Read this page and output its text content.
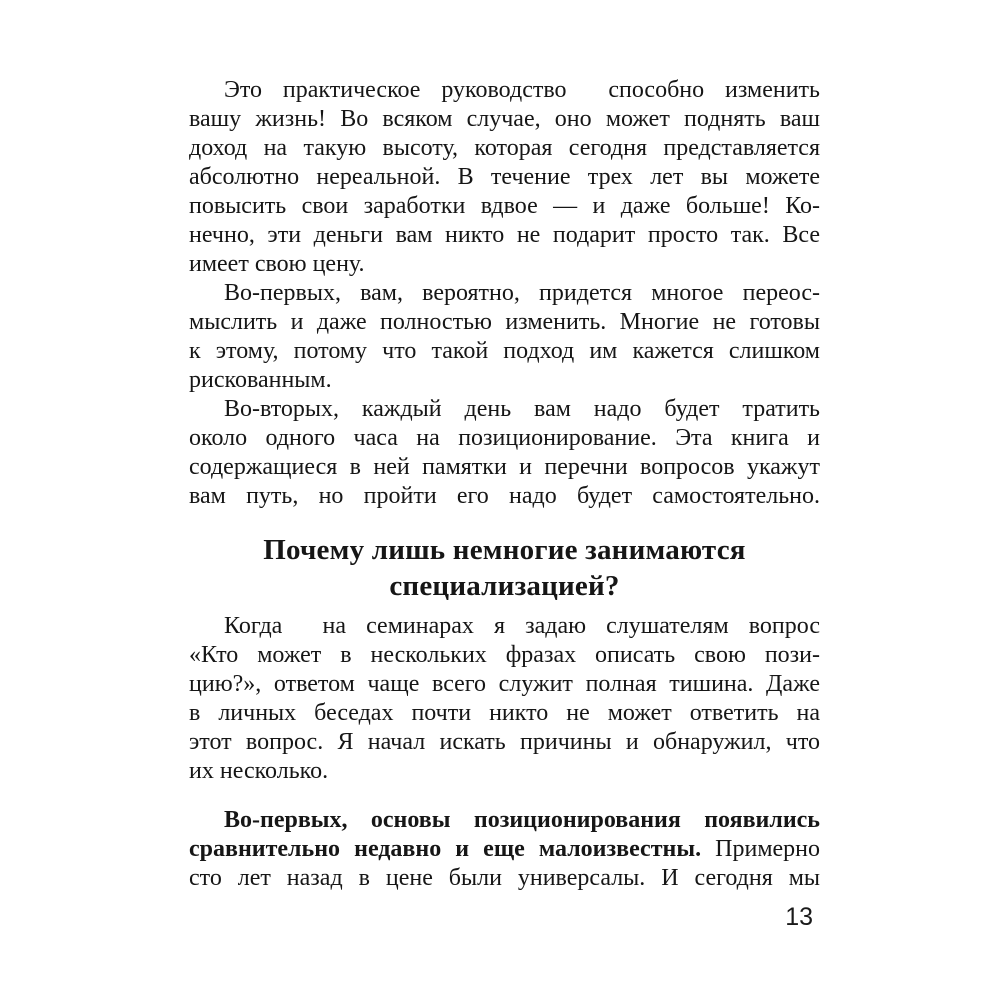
Это практическое руководство  способно изменить
вашу жизнь! Во всяком случае, оно может поднять ваш
доход на такую высоту, которая сегодня представляется
абсолютно нереальной. В течение трех лет вы можете
повысить свои заработки вдвое — и даже больше! Ко-
нечно, эти деньги вам никто не подарит просто так. Все
имеет свою цену.
Во-первых, вам, вероятно, придется многое переос-
мыслить и даже полностью изменить. Многие не готовы
к этому, потому что такой подход им кажется слишком
рискованным.
Во-вторых, каждый день вам надо будет тратить
около одного часа на позиционирование. Эта книга и
содержащиеся в ней памятки и перечни вопросов укажут
вам путь, но пройти его надо будет самостоятельно.
Почему лишь немногие занимаются
специализацией?
Когда  на семинарах я задаю слушателям вопрос
«Кто может в нескольких фразах описать свою пози-
цию?», ответом чаще всего служит полная тишина. Даже
в личных беседах почти никто не может ответить на
этот вопрос. Я начал искать причины и обнаружил, что
их несколько.
Во-первых, основы позиционирования появились
сравнительно недавно и еще малоизвестны. Примерно
сто лет назад в цене были универсалы. И сегодня мы
13
